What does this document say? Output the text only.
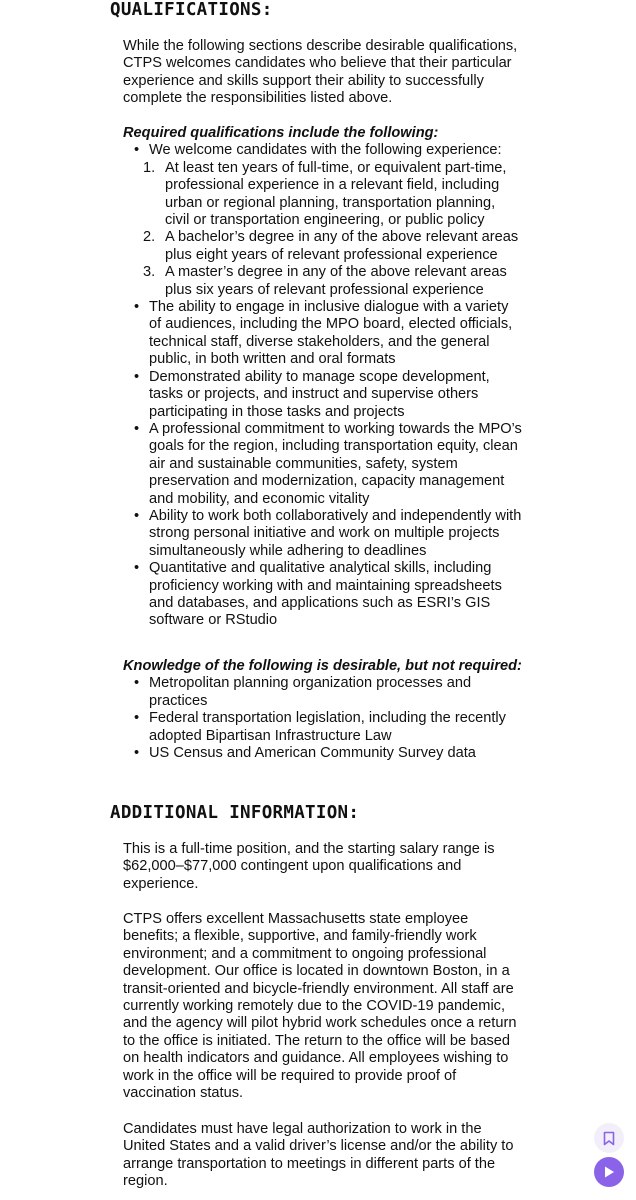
QUALIFICATIONS:
While the following sections describe desirable qualifications, CTPS welcomes candidates who believe that their particular experience and skills support their ability to successfully complete the responsibilities listed above.
Required qualifications include the following:
• We welcome candidates with the following experience:
1. At least ten years of full-time, or equivalent part-time, professional experience in a relevant field, including urban or regional planning, transportation planning, civil or transportation engineering, or public policy
2. A bachelor’s degree in any of the above relevant areas plus eight years of relevant professional experience
3. A master’s degree in any of the above relevant areas plus six years of relevant professional experience
• The ability to engage in inclusive dialogue with a variety of audiences, including the MPO board, elected officials, technical staff, diverse stakeholders, and the general public, in both written and oral formats
• Demonstrated ability to manage scope development, tasks or projects, and instruct and supervise others participating in those tasks and projects
• A professional commitment to working towards the MPO’s goals for the region, including transportation equity, clean air and sustainable communities, safety, system preservation and modernization, capacity management and mobility, and economic vitality
• Ability to work both collaboratively and independently with strong personal initiative and work on multiple projects simultaneously while adhering to deadlines
• Quantitative and qualitative analytical skills, including proficiency working with and maintaining spreadsheets and databases, and applications such as ESRI’s GIS software or RStudio
Knowledge of the following is desirable, but not required:
• Metropolitan planning organization processes and practices
• Federal transportation legislation, including the recently adopted Bipartisan Infrastructure Law
• US Census and American Community Survey data
ADDITIONAL INFORMATION:
This is a full-time position, and the starting salary range is $62,000–$77,000 contingent upon qualifications and experience.
CTPS offers excellent Massachusetts state employee benefits; a flexible, supportive, and family-friendly work environment; and a commitment to ongoing professional development. Our office is located in downtown Boston, in a transit-oriented and bicycle-friendly environment. All staff are currently working remotely due to the COVID-19 pandemic, and the agency will pilot hybrid work schedules once a return to the office is initiated. The return to the office will be based on health indicators and guidance. All employees wishing to work in the office will be required to provide proof of vaccination status.
Candidates must have legal authorization to work in the United States and a valid driver’s license and/or the ability to arrange transportation to meetings in different parts of the region.
